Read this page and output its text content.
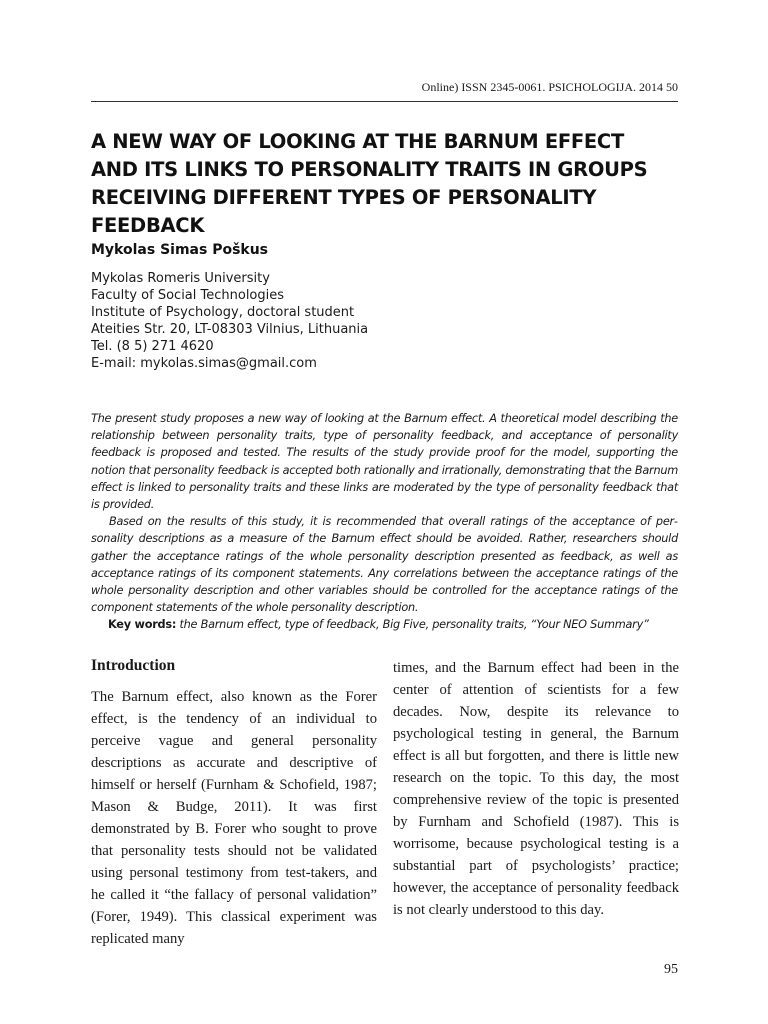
Online) ISSN 2345-0061. PSICHOLOGIJA. 2014 50
A NEW WAY OF LOOKING AT THE BARNUM EFFECT
AND ITS LINKS TO PERSONALITY TRAITS IN GROUPS
RECEIVING DIFFERENT TYPES OF PERSONALITY
FEEDBACK
Mykolas Simas Poškus
Mykolas Romeris University
Faculty of Social Technologies
Institute of Psychology, doctoral student
Ateities Str. 20, LT-08303 Vilnius, Lithuania
Tel. (8 5) 271 4620
E-mail: mykolas.simas@gmail.com

The present study proposes a new way of looking at the Barnum effect. A theoretical model describing the relationship between personality traits, type of personality feedback, and acceptance of personality feedback is proposed and tested. The results of the study provide proof for the model, supporting the notion that personality feedback is accepted both rationally and irrationally, demonstrating that the Barnum effect is linked to personality traits and these links are moderated by the type of personality feedback that is provided.

Based on the results of this study, it is recommended that overall ratings of the acceptance of personality descriptions as a measure of the Barnum effect should be avoided. Rather, researchers should gather the acceptance ratings of the whole personality description presented as feedback, as well as acceptance ratings of its component statements. Any correlations between the acceptance ratings of the whole personality description and other variables should be controlled for the acceptance ratings of the component statements of the whole personality description.

Key words: the Barnum effect, type of feedback, Big Five, personality traits, “Your NEO Summary”
Introduction

The Barnum effect, also known as the Forer effect, is the tendency of an individual to perceive vague and general personality descriptions as accurate and descriptive of himself or herself (Furnham & Schofield, 1987; Mason & Budge, 2011). It was first demonstrated by B. Forer who sought to prove that personality tests should not be validated using personal testimony from test-takers, and he called it “the fallacy of personal validation” (Forer, 1949). This classical experiment was replicated many

times, and the Barnum effect had been in the center of attention of scientists for a few decades. Now, despite its relevance to psychological testing in general, the Barnum effect is all but forgotten, and there is little new research on the topic. To this day, the most comprehensive review of the topic is presented by Furnham and Schofield (1987). This is worrisome, because psychological testing is a substantial part of psychologists’ practice; however, the acceptance of personality feedback is not clearly understood to this day.

95
